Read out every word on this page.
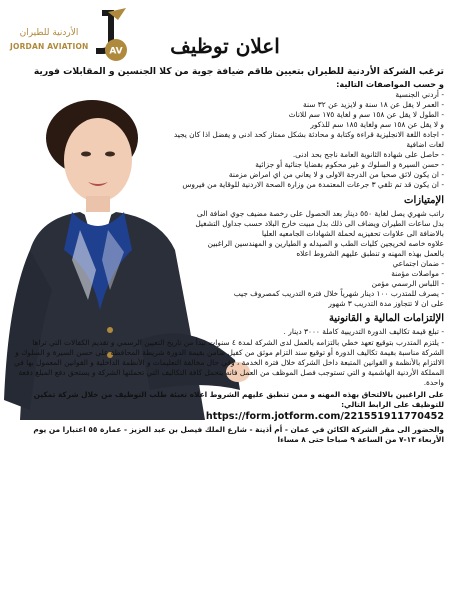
الأردنية للطيران
JORDAN AVIATION AV	اعلان توظيف

ترغب الشركة الأردنية للطيران بتعيين طاقم ضيافة جوية من كلا الجنسين و المقابلات فورية

و حسب المواصفات التالية:

- أردني الجنسية

- العمر لا يقل عن ١٨ سنة و لايزيد عن ٣٢ سنة

- الطول لا يقل عن ١٥٨ سم و لغاية ١٧٥ سم للاناث

و لا يقل عن ١٥٨ سم ولغاية ١٨٥ سم للذكور

- اجادة اللغة الانجليزية قراءة وكتابة و محادثة بشكل ممتاز كحد ادنى و يفضل اذا كان يجيد

لغات اضافية

- حاصل على شهادة الثانوية العامة ناجح بحد ادنى.

- حسن السيرة و السلوك و غير محكوم بقضايا جنائية أو جزائية

- ان يكون لائق صحيا من الدرجة الاولى و لا يعاني من اي امراض مزمنة

- ان يكون قد تم تلقي ٣ جرعات المعتمدة من وزارة الصحة الاردنية للوقاية من فيروس

الإمتيازات

راتب شهري يصل لغاية ٥٥٠ دينار بعد الحصول على رخصة مضيف جوي اضافة الى

بدل ساعات الطيران ويضاف الى ذلك بدل مبيت خارج البلاد حسب جداول التشغيل

بالاضافة الى علاوات تحفيزيه لحملة الشهادات الجامعيه العليا

علاوه خاصه لخريجين كليات الطب و الصيدله و الطيارين و المهندسين الراغبين

بالعمل بهذه المهنه و تنطبق عليهم الشروط اعلاه

- ضمان اجتماعي

- مواصلات مؤمنة

- اللباس الرسمي مؤمن

- يصرف للمتدرب ١٠٠ دينار شهرياً خلال فترة التدريب كمصروف جيب

على ان لا تتجاوز مدة التدريب ٣ شهور

الإلتزامات المالية و القانونية

- تبلغ قيمة تكاليف الدورة التدريبية كاملة ٣٠٠٠ دينار .

- يلتزم المتدرب بتوقيع تعهد خطي بالتزامه بالعمل لدى الشركة لمدة ٤ سنوات تبدأ من تاريخ التعيين الرسمي و تقديم الكفالات التي تراها الشركة مناسبة بقيمة تكاليف الدورة أو توقيع سند التزام موثق من كفيل ضامن بقيمة الدورة شريطة المحافظة على حسن السيرة و السلوك و الالتزام بالأنظمة و القوانين المتبعة داخل الشركة خلال فترة الخدمة ، وفي حال مخالفة التعليمات و الأنظمة الداخلية و القوانين المعمول بها في المملكة الأردنية الهاشمية و التي تستوجب فصل الموظف من العمل فانه يتحمل كافة التكاليف التي تحملتها الشركة و يستحق دفع المبلغ دفعة واحدة.

على الراغبين بالالتحاق بهذه المهنه و ممن تنطبق عليهم الشروط اعلاه تعبئة طلب التوظيف من خلال شركة تمكين للتوظيف على الرابط التالي:

https://form.jotform.com/221551911770452

والحضور الى مقر الشركة الكائن في عمان - أم أذينة - شارع الملك فيصل بن عبد العزيز - عمارة ٥٥ اعتبارا من يوم الأربعاء ١٣-٧ من الساعة ٩ صباحا حتى ٨ مساءا
